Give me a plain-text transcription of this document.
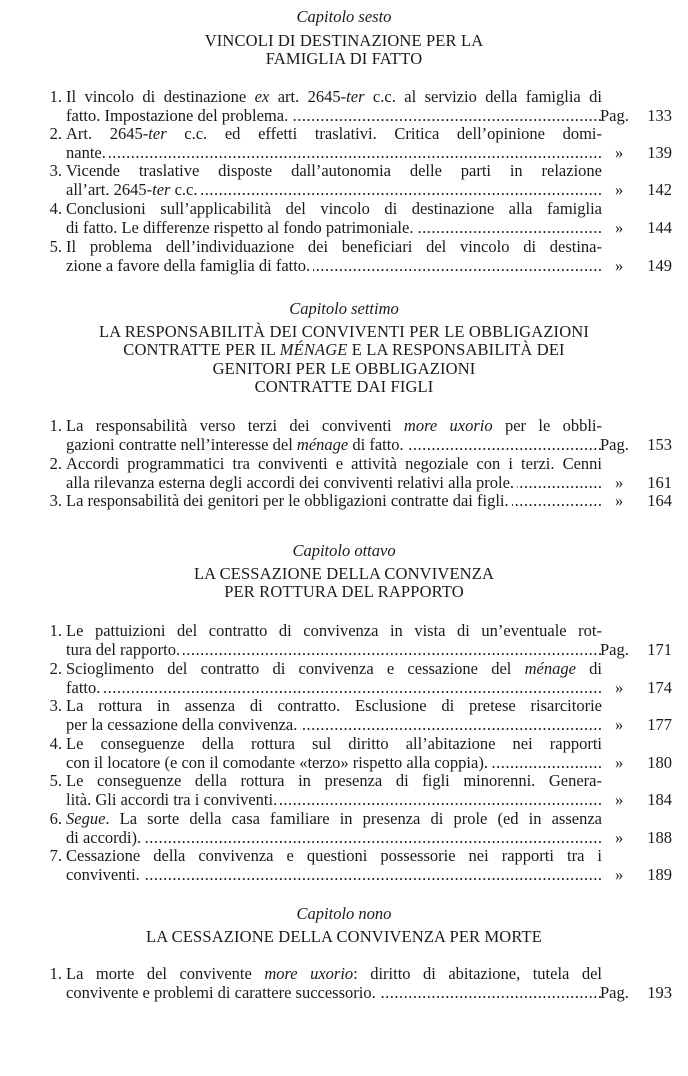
Capitolo sesto
VINCOLI DI DESTINAZIONE PER LA
FAMIGLIA DI FATTO
1. Il vincolo di destinazione ex art. 2645-ter c.c. al servizio della famiglia di
fatto. Impostazione del problema. .....	Pag. 133
2. Art. 2645-ter c.c. ed effetti traslativi. Critica dell’opinione domi-
nante. .....	» 139
3. Vicende traslative disposte dall’autonomia delle parti in relazione
all’art. 2645-ter c.c. .....	» 142
4. Conclusioni sull’applicabilità del vincolo di destinazione alla famiglia
di fatto. Le differenze rispetto al fondo patrimoniale. .....	» 144
5. Il problema dell’individuazione dei beneficiari del vincolo di destina-
zione a favore della famiglia di fatto. .....	» 149
Capitolo settimo
LA RESPONSABILITÀ DEI CONVIVENTI PER LE OBBLIGAZIONI
CONTRATTE PER IL MÉNAGE E LA RESPONSABILITÀ DEI
GENITORI PER LE OBBLIGAZIONI
CONTRATTE DAI FIGLI
1. La responsabilità verso terzi dei conviventi more uxorio per le obbli-
gazioni contratte nell’interesse del ménage di fatto. .....	Pag. 153
2. Accordi programmatici tra conviventi e attività negoziale con i terzi. Cenni
alla rilevanza esterna degli accordi dei conviventi relativi alla prole. .....	» 161
3. La responsabilità dei genitori per le obbligazioni contratte dai figli. .....	» 164
Capitolo ottavo
LA CESSAZIONE DELLA CONVIVENZA
PER ROTTURA DEL RAPPORTO
1. Le pattuizioni del contratto di convivenza in vista di un’eventuale rot-
tura del rapporto. .....	Pag. 171
2. Scioglimento del contratto di convivenza e cessazione del ménage di
fatto. .....	» 174
3. La rottura in assenza di contratto. Esclusione di pretese risarcitorie
per la cessazione della convivenza. .....	» 177
4. Le conseguenze della rottura sul diritto all’abitazione nei rapporti
con il locatore (e con il comodante «terzo» rispetto alla coppia). .....	» 180
5. Le conseguenze della rottura in presenza di figli minorenni. Genera-
lità. Gli accordi tra i conviventi. .....	» 184
6. Segue. La sorte della casa familiare in presenza di prole (ed in assenza
di accordi). .....	» 188
7. Cessazione della convivenza e questioni possessorie nei rapporti tra i
conviventi. .....	» 189
Capitolo nono
LA CESSAZIONE DELLA CONVIVENZA PER MORTE
1. La morte del convivente more uxorio: diritto di abitazione, tutela del
convivente e problemi di carattere successorio. .....	Pag. 193
